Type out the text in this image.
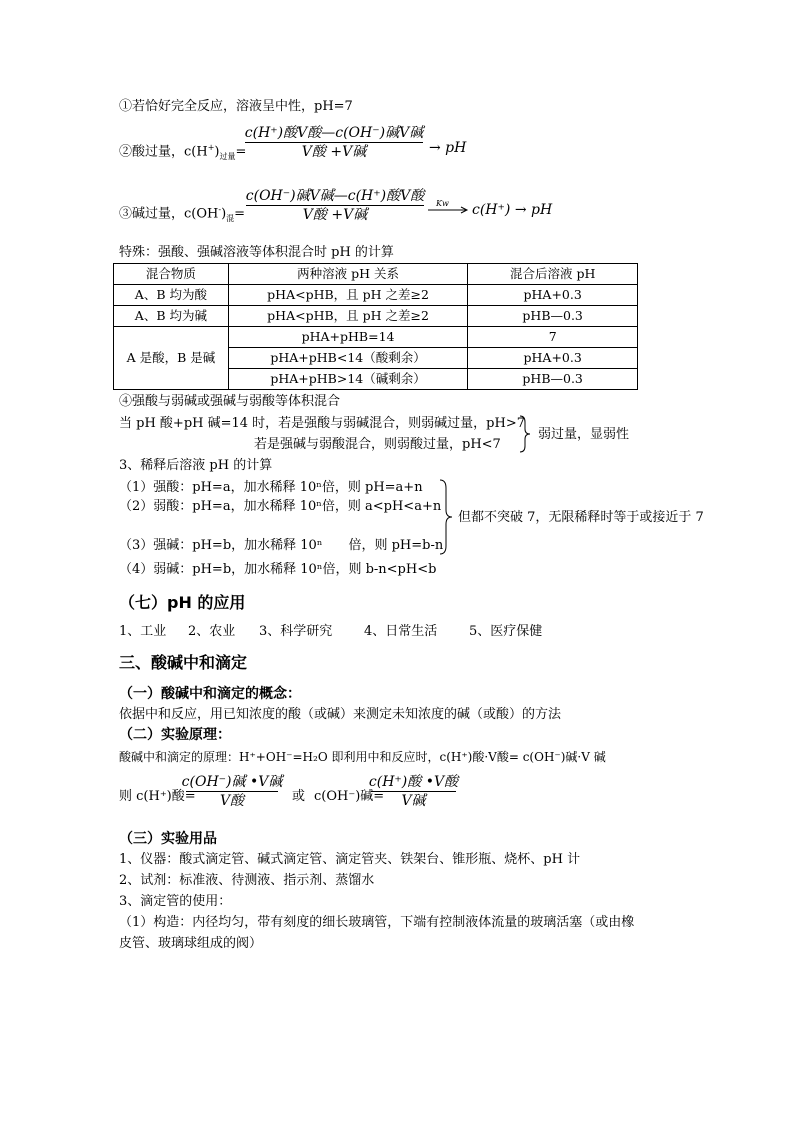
①若恰好完全反应，溶液呈中性，pH=7
②酸过量，$c(H^+)_{过量}=$
c(H⁺)酸V酸—c(OH⁻)碱V碱
V酸 +V碱	→ pH
③碱过量，$c(OH^-)_混=$
c(OH⁻)碱V碱—c(H⁺)酸V酸
V酸 +V碱
Kw c(H⁺) → pH
特殊：强酸、强碱溶液等体积混合时 pH 的计算
混合物质	两种溶液 pH 关系	混合后溶液 pH
A、B 均为酸	pHA<pHB，且 pH 之差≥2	pHA+0.3
A、B 均为碱	pHA<pHB，且 pH 之差≥2	pHB—0.3
A 是酸，B 是碱	pHA+pHB=14	7
	pHA+pHB<14（酸剩余）	pHA+0.3
	pHA+pHB>14（碱剩余）	pHB—0.3
④强酸与弱碱或强碱与弱酸等体积混合
当 pH 酸+pH 碱=14 时，若是强酸与弱碱混合，则弱碱过量，pH>7
若是强碱与弱酸混合，则弱酸过量，pH<7
弱过量，显弱性
3、稀释后溶液 pH 的计算
（1）强酸：pH=a，加水稀释 10ⁿ倍，则 pH=a+n
（2）弱酸：pH=a，加水稀释 10ⁿ倍，则 a<pH<a+n
（3）强碱：pH=b，加水稀释 10ⁿ　　倍，则 pH=b-n
（4）弱碱：pH=b，加水稀释 10ⁿ倍，则 b-n<pH<b
但都不突破 7，无限稀释时等于或接近于 7
（七）pH 的应用
1、工业 2、农业 3、科学研究 4、日常生活 5、医疗保健
三、酸碱中和滴定
（一）酸碱中和滴定的概念：
依据中和反应，用已知浓度的酸（或碱）来测定未知浓度的碱（或酸）的方法
（二）实验原理：
酸碱中和滴定的原理：H⁺+OH⁻=H₂O 即利用中和反应时，c(H⁺)酸·V酸= c(OH⁻)碱·V 碱
则 c(H⁺)酸=
c(OH⁻)碱 •V碱
V酸	或 c(OH⁻)碱=
c(H⁺)酸 •V酸
V碱
（三）实验用品
1、仪器：酸式滴定管、碱式滴定管、滴定管夹、铁架台、锥形瓶、烧杯、pH 计
2、试剂：标准液、待测液、指示剂、蒸馏水
3、滴定管的使用：
（1）构造：内径均匀，带有刻度的细长玻璃管，下端有控制液体流量的玻璃活塞（或由橡
皮管、玻璃球组成的阀）
